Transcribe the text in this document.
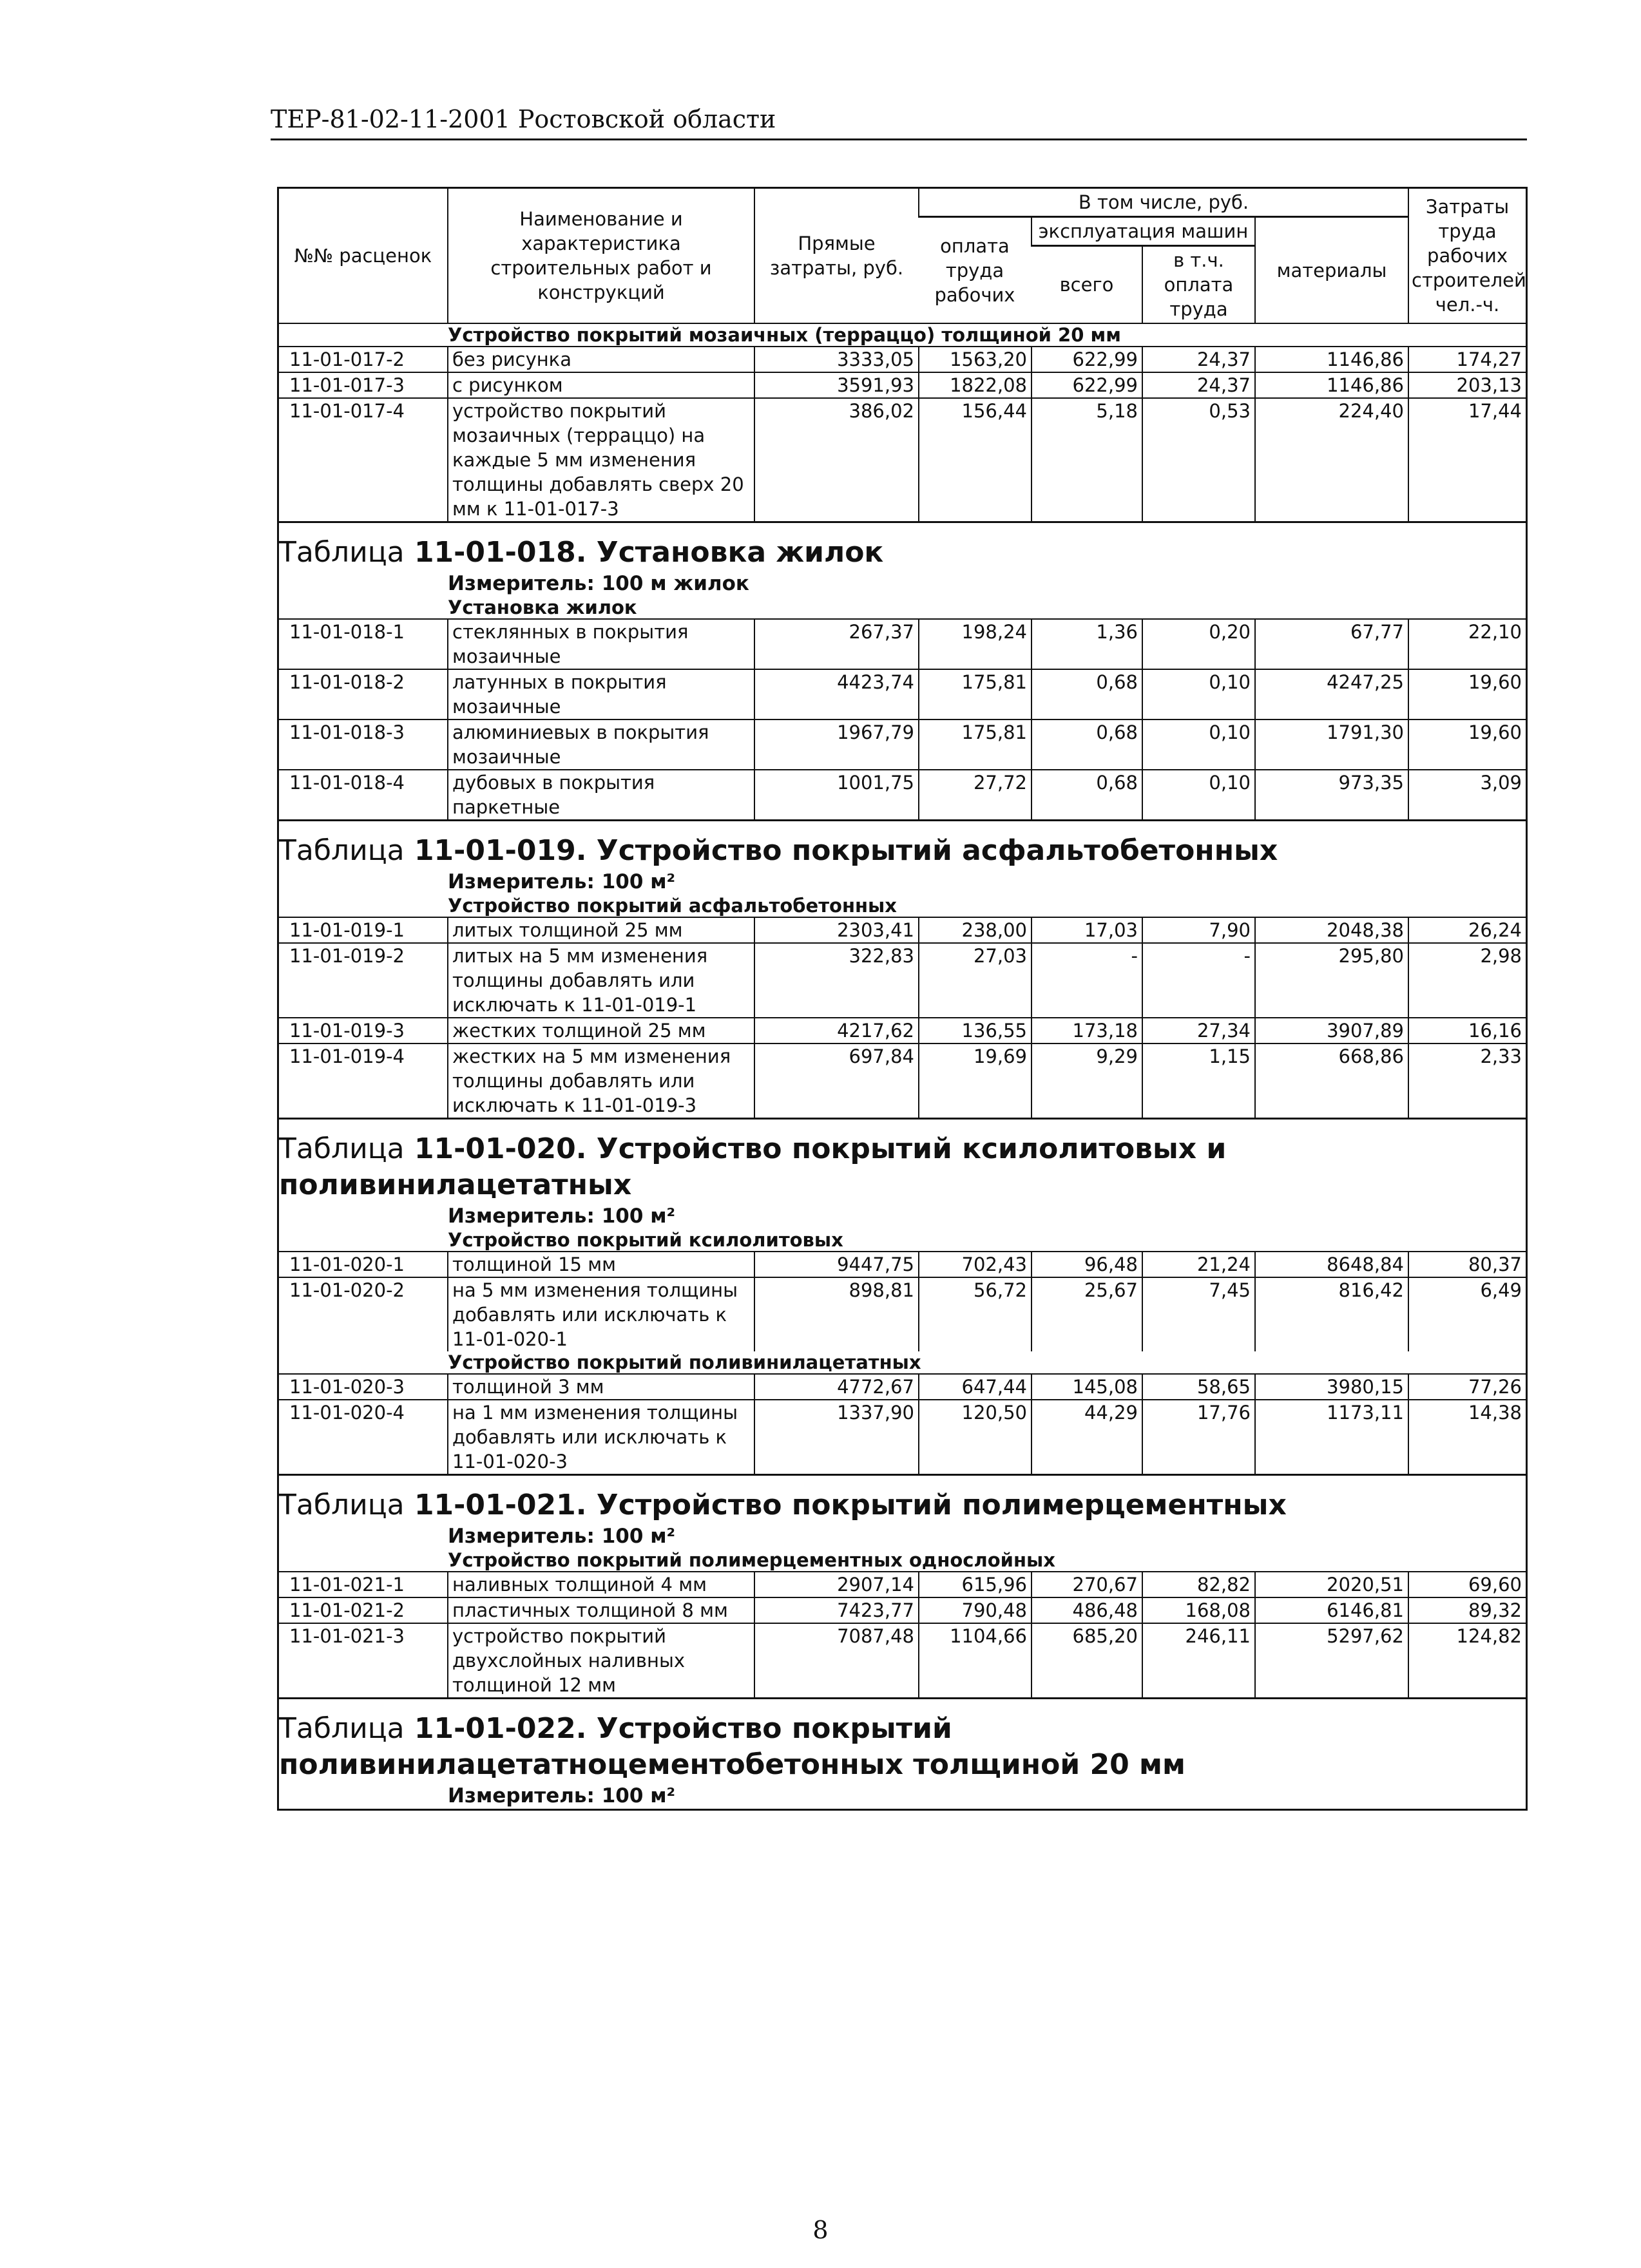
ТЕР-81-02-11-2001 Ростовской области
№№ расценок	Наименование и характеристика строительных работ и конструкций	Прямые затраты, руб.	В том числе, руб.				Затраты труда рабочих строителей чел.-ч.
			оплата труда рабочих	эксплуатация машин		материалы	
				всего	в т.ч. оплата труда		
Устройство покрытий мозаичных (терраццо) толщиной 20 мм							
11-01-017-2	без рисунка	3333,05	1563,20	622,99	24,37	1146,86	174,27
11-01-017-3	с рисунком	3591,93	1822,08	622,99	24,37	1146,86	203,13
11-01-017-4	устройство покрытий мозаичных (терраццо) на каждые 5 мм изменения толщины добавлять сверх 20 мм к 11-01-017-3	386,02	156,44	5,18	0,53	224,40	17,44

Таблица 11-01-018. Установка жилок
Измеритель: 100 м жилок							

Установка жилок							
11-01-018-1	стеклянных в покрытия мозаичные	267,37	198,24	1,36	0,20	67,77	22,10
11-01-018-2	латунных в покрытия мозаичные	4423,74	175,81	0,68	0,10	4247,25	19,60
11-01-018-3	алюминиевых в покрытия мозаичные	1967,79	175,81	0,68	0,10	1791,30	19,60
11-01-018-4	дубовых в покрытия паркетные	1001,75	27,72	0,68	0,10	973,35	3,09

Таблица 11-01-019. Устройство покрытий асфальтобетонных
Измеритель: 100 м²							

Устройство покрытий асфальтобетонных							
11-01-019-1	литых толщиной 25 мм	2303,41	238,00	17,03	7,90	2048,38	26,24
11-01-019-2	литых на 5 мм изменения толщины добавлять или исключать к 11-01-019-1	322,83	27,03	-	-	295,80	2,98
11-01-019-3	жестких толщиной 25 мм	4217,62	136,55	173,18	27,34	3907,89	16,16
11-01-019-4	жестких на 5 мм изменения толщины добавлять или исключать к 11-01-019-3	697,84	19,69	9,29	1,15	668,86	2,33

Таблица 11-01-020. Устройство покрытий ксилолитовых и поливинилацетатных
Измеритель: 100 м²							

Устройство покрытий ксилолитовых							
11-01-020-1	толщиной 15 мм	9447,75	702,43	96,48	21,24	8648,84	80,37
11-01-020-2	на 5 мм изменения толщины добавлять или исключать к 11-01-020-1	898,81	56,72	25,67	7,45	816,42	6,49
Устройство покрытий поливинилацетатных							
11-01-020-3	толщиной 3 мм	4772,67	647,44	145,08	58,65	3980,15	77,26
11-01-020-4	на 1 мм изменения толщины добавлять или исключать к 11-01-020-3	1337,90	120,50	44,29	17,76	1173,11	14,38

Таблица 11-01-021. Устройство покрытий полимерцементных
Измеритель: 100 м²							

Устройство покрытий полимерцементных однослойных							
11-01-021-1	наливных толщиной 4 мм	2907,14	615,96	270,67	82,82	2020,51	69,60
11-01-021-2	пластичных толщиной 8 мм	7423,77	790,48	486,48	168,08	6146,81	89,32
11-01-021-3	устройство покрытий двухслойных наливных толщиной 12 мм	7087,48	1104,66	685,20	246,11	5297,62	124,82

Таблица 11-01-022. Устройство покрытий поливинилацетатноцементобетонных толщиной 20 мм
Измеритель: 100 м²							
8
